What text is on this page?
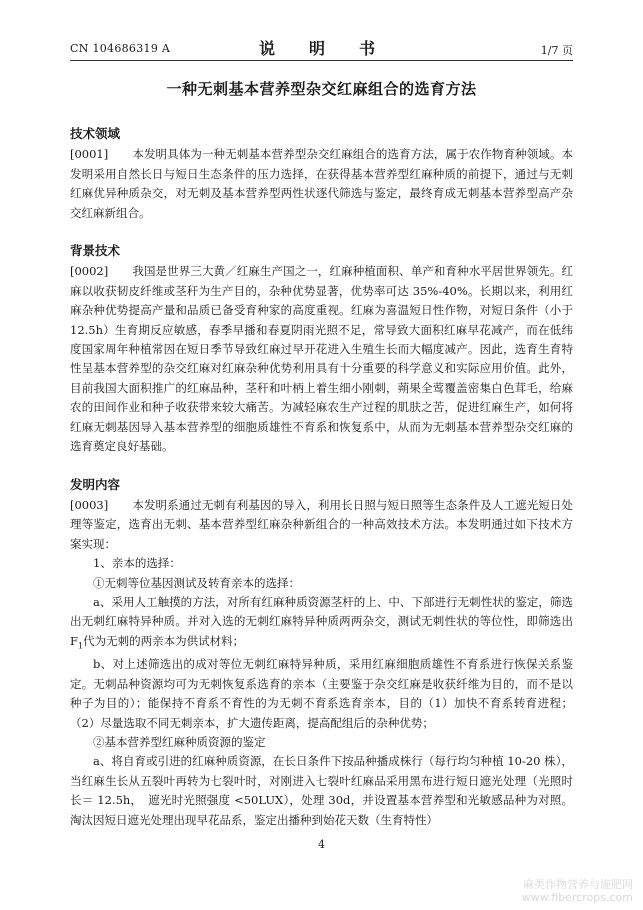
CN 104686319 A	说　明　书	1/7 页
一种无刺基本营养型杂交红麻组合的选育方法
技术领域

[0001] 本发明具体为一种无刺基本营养型杂交红麻组合的选育方法，属于农作物育种领域。本发明采用自然长日与短日生态条件的压力选择，在获得基本营养型红麻种质的前提下，通过与无刺红麻优异种质杂交，对无刺及基本营养型两性状逐代筛选与鉴定，最终育成无刺基本营养型高产杂交红麻新组合。

背景技术

[0002] 我国是世界三大黄／红麻生产国之一，红麻种植面积、单产和育种水平居世界领先。红麻以收获韧皮纤维或茎秆为生产目的，杂种优势显著，优势率可达 35%-40%。长期以来，利用红麻杂种优势提高产量和品质已备受育种家的高度重视。红麻为喜温短日性作物，对短日条件（小于 12.5h）生育期反应敏感，春季早播和春夏阴雨光照不足，常导致大面积红麻早花减产，而在低纬度国家周年种植常因在短日季节导致红麻过早开花进入生殖生长而大幅度减产。因此，选育生育特性呈基本营养型的杂交红麻对红麻杂种优势利用具有十分重要的科学意义和实际应用价值。此外，目前我国大面积推广的红麻品种，茎秆和叶柄上着生细小刚刺，蒴果全莺覆盖密集白色茸毛，给麻农的田间作业和种子收获带来较大痛苦。为减轻麻农生产过程的肌肤之苦，促进红麻生产，如何将红麻无刺基因导入基本营养型的细胞质雄性不育系和恢复系中，从而为无刺基本营养型杂交红麻的选育奠定良好基础。

发明内容

[0003] 本发明系通过无刺有利基因的导入，利用长日照与短日照等生态条件及人工遮光短日处理等鉴定，选育出无刺、基本营养型红麻杂种新组合的一种高效技术方法。本发明通过如下技术方案实现：

1、亲本的选择：

①无刺等位基因测试及转育亲本的选择：

a、采用人工触摸的方法，对所有红麻种质资源茎杆的上、中、下部进行无刺性状的鉴定，筛选出无刺红麻特异种质。并对入选的无刺红麻特异种质两两杂交，测试无刺性状的等位性，即筛选出 $F_1$代为无刺的两亲本为供试材料；

b、对上述筛选出的成对等位无刺红麻特异种质，采用红麻细胞质雄性不育系进行恢保关系鉴定。无刺品种资源均可为无刺恢复系选育的亲本（主要鉴于杂交红麻是收获纤维为目的，而不是以种子为目的）；能保持不育系不育性的为无刺不育系选育亲本，目的（1）加快不育系转育进程；（2）尽量选取不同无刺亲本，扩大遗传距离，提高配组后的杂种优势；

②基本营养型红麻种质资源的鉴定

a、将自育或引进的红麻种质资源，在长日条件下按品种播成株行（每行均匀种植 10-20 株），当红麻生长从五裂叶再转为七裂叶时，对刚进入七裂叶红麻品采用黑布进行短日遮光处理（光照时长＝ 12.5h，　遮光时光照强度 <50LUX），处理 30d，并设置基本营养型和光敏感品种为对照。淘汰因短日遮光处理出现早花品系，鉴定出播种到始花天数（生育特性）

4
麻类作物营养与施肥网
www.fibercrops.com
